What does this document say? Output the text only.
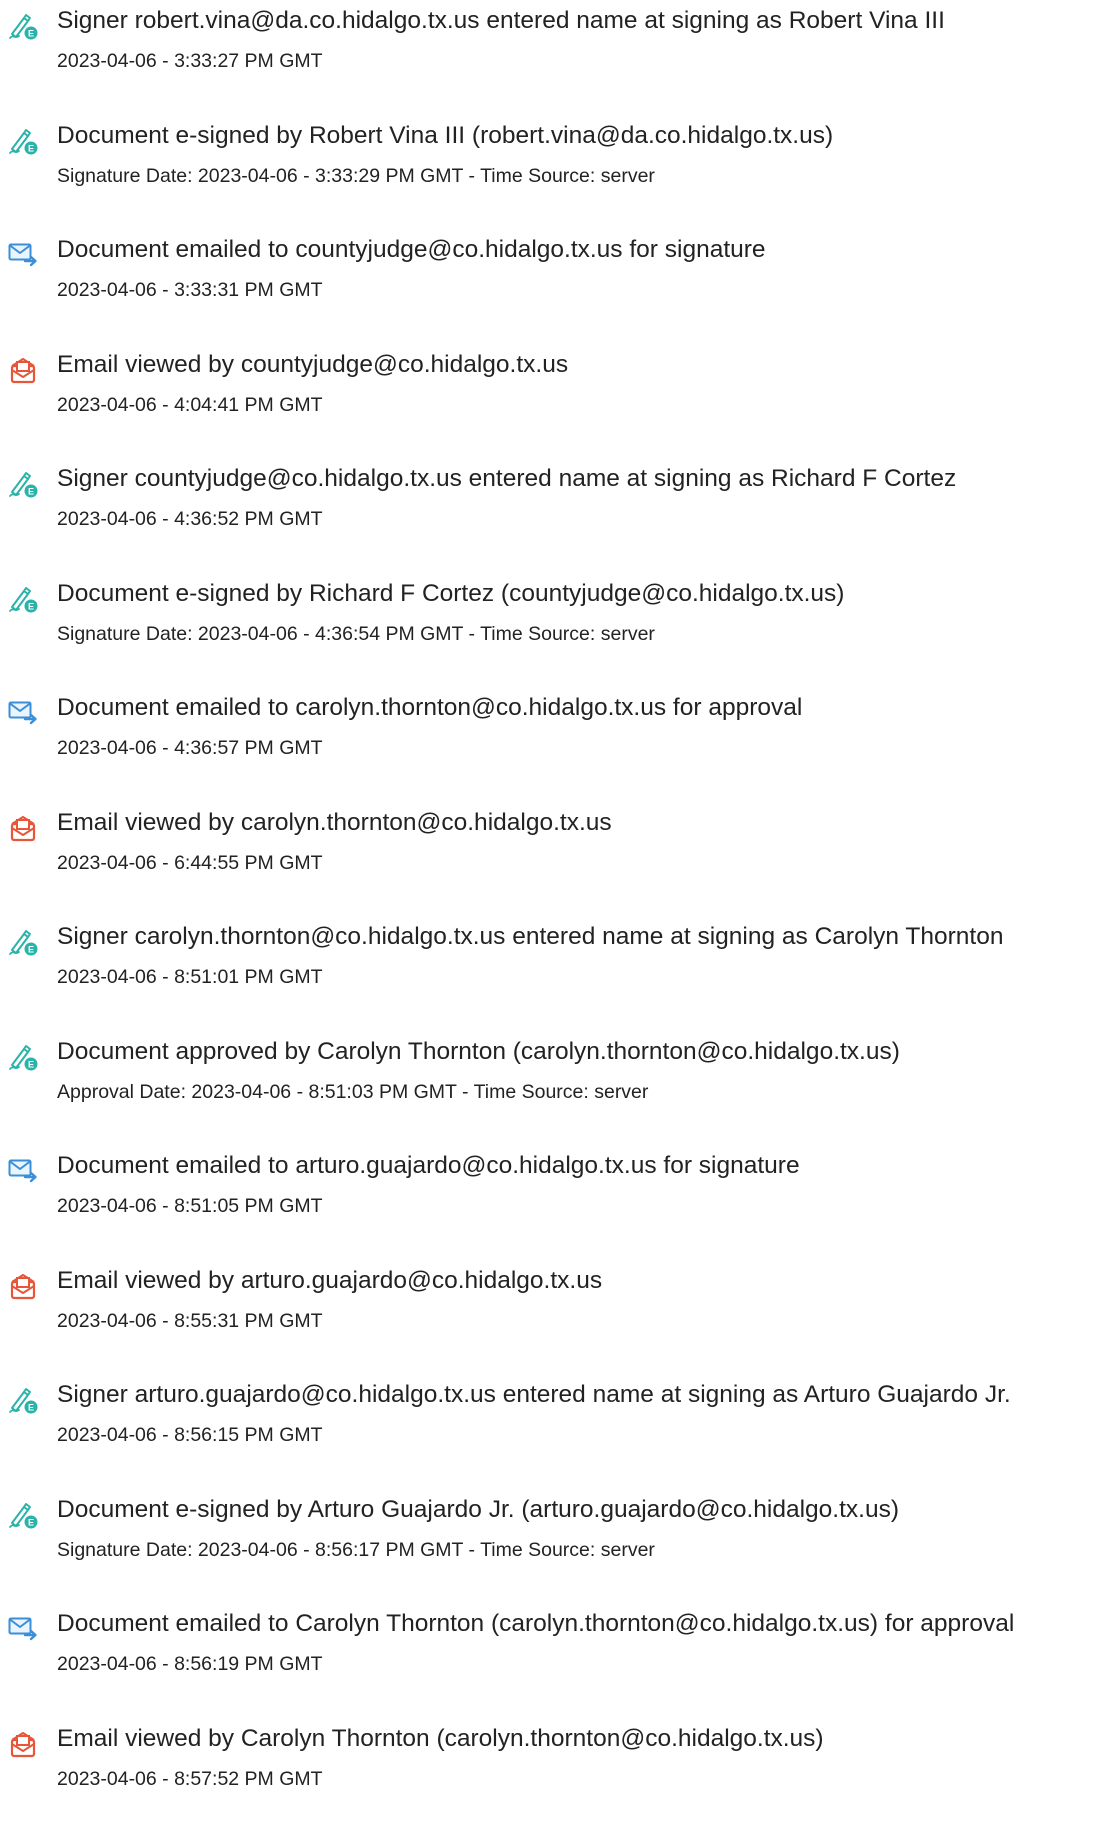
E Signer robert.vina@da.co.hidalgo.tx.us entered name at signing as Robert Vina III
2023-04-06 - 3:33:27 PM GMT
E Document e-signed by Robert Vina III (robert.vina@da.co.hidalgo.tx.us)
Signature Date: 2023-04-06 - 3:33:29 PM GMT - Time Source: server
Document emailed to countyjudge@co.hidalgo.tx.us for signature
2023-04-06 - 3:33:31 PM GMT
Email viewed by countyjudge@co.hidalgo.tx.us
2023-04-06 - 4:04:41 PM GMT
E Signer countyjudge@co.hidalgo.tx.us entered name at signing as Richard F Cortez
2023-04-06 - 4:36:52 PM GMT
E Document e-signed by Richard F Cortez (countyjudge@co.hidalgo.tx.us)
Signature Date: 2023-04-06 - 4:36:54 PM GMT - Time Source: server
Document emailed to carolyn.thornton@co.hidalgo.tx.us for approval
2023-04-06 - 4:36:57 PM GMT
Email viewed by carolyn.thornton@co.hidalgo.tx.us
2023-04-06 - 6:44:55 PM GMT
E Signer carolyn.thornton@co.hidalgo.tx.us entered name at signing as Carolyn Thornton
2023-04-06 - 8:51:01 PM GMT
E Document approved by Carolyn Thornton (carolyn.thornton@co.hidalgo.tx.us)
Approval Date: 2023-04-06 - 8:51:03 PM GMT - Time Source: server
Document emailed to arturo.guajardo@co.hidalgo.tx.us for signature
2023-04-06 - 8:51:05 PM GMT
Email viewed by arturo.guajardo@co.hidalgo.tx.us
2023-04-06 - 8:55:31 PM GMT
E Signer arturo.guajardo@co.hidalgo.tx.us entered name at signing as Arturo Guajardo Jr.
2023-04-06 - 8:56:15 PM GMT
E Document e-signed by Arturo Guajardo Jr. (arturo.guajardo@co.hidalgo.tx.us)
Signature Date: 2023-04-06 - 8:56:17 PM GMT - Time Source: server
Document emailed to Carolyn Thornton (carolyn.thornton@co.hidalgo.tx.us) for approval
2023-04-06 - 8:56:19 PM GMT
Email viewed by Carolyn Thornton (carolyn.thornton@co.hidalgo.tx.us)
2023-04-06 - 8:57:52 PM GMT
